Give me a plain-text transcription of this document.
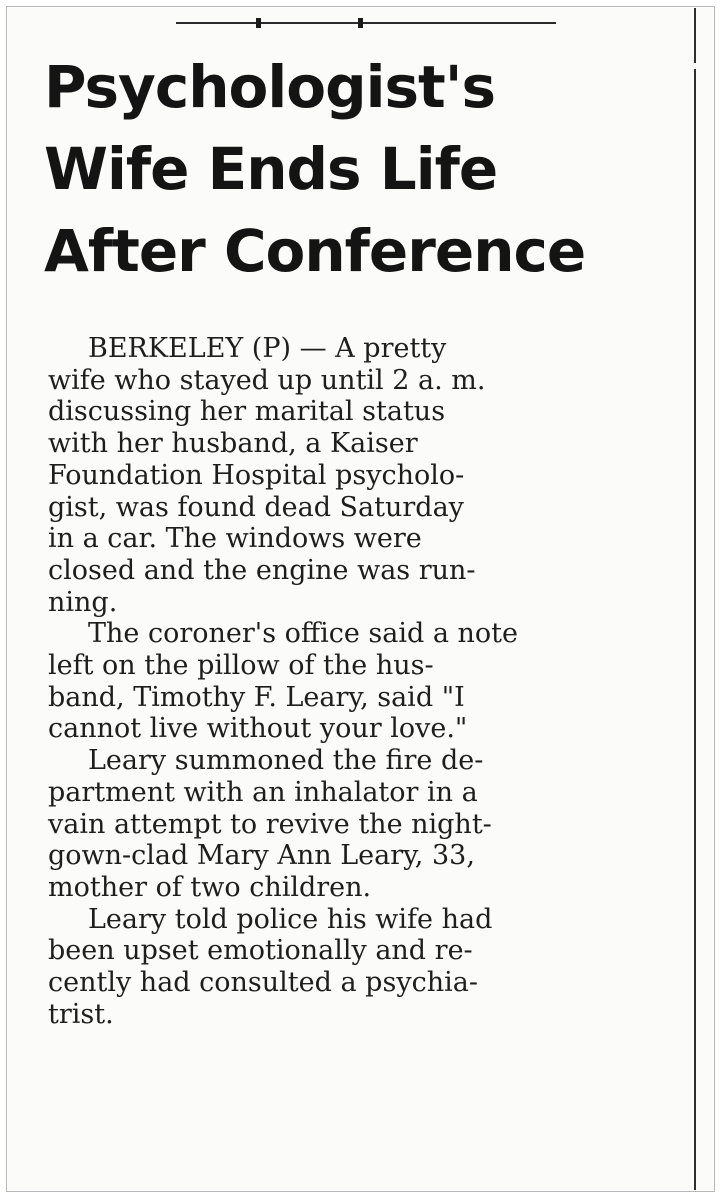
Psychologist's
Wife Ends Life
After Conference

BERKELEY (P) — A pretty
wife who stayed up until 2 a. m.
discussing her marital status
with her husband, a Kaiser
Foundation Hospital psycholo-
gist, was found dead Saturday
in a car. The windows were
closed and the engine was run-
ning.

The coroner's office said a note
left on the pillow of the hus-
band, Timothy F. Leary, said "I
cannot live without your love."

Leary summoned the fire de-
partment with an inhalator in a
vain attempt to revive the night-
gown-clad Mary Ann Leary, 33,
mother of two children.

Leary told police his wife had
been upset emotionally and re-
cently had consulted a psychia-
trist.
